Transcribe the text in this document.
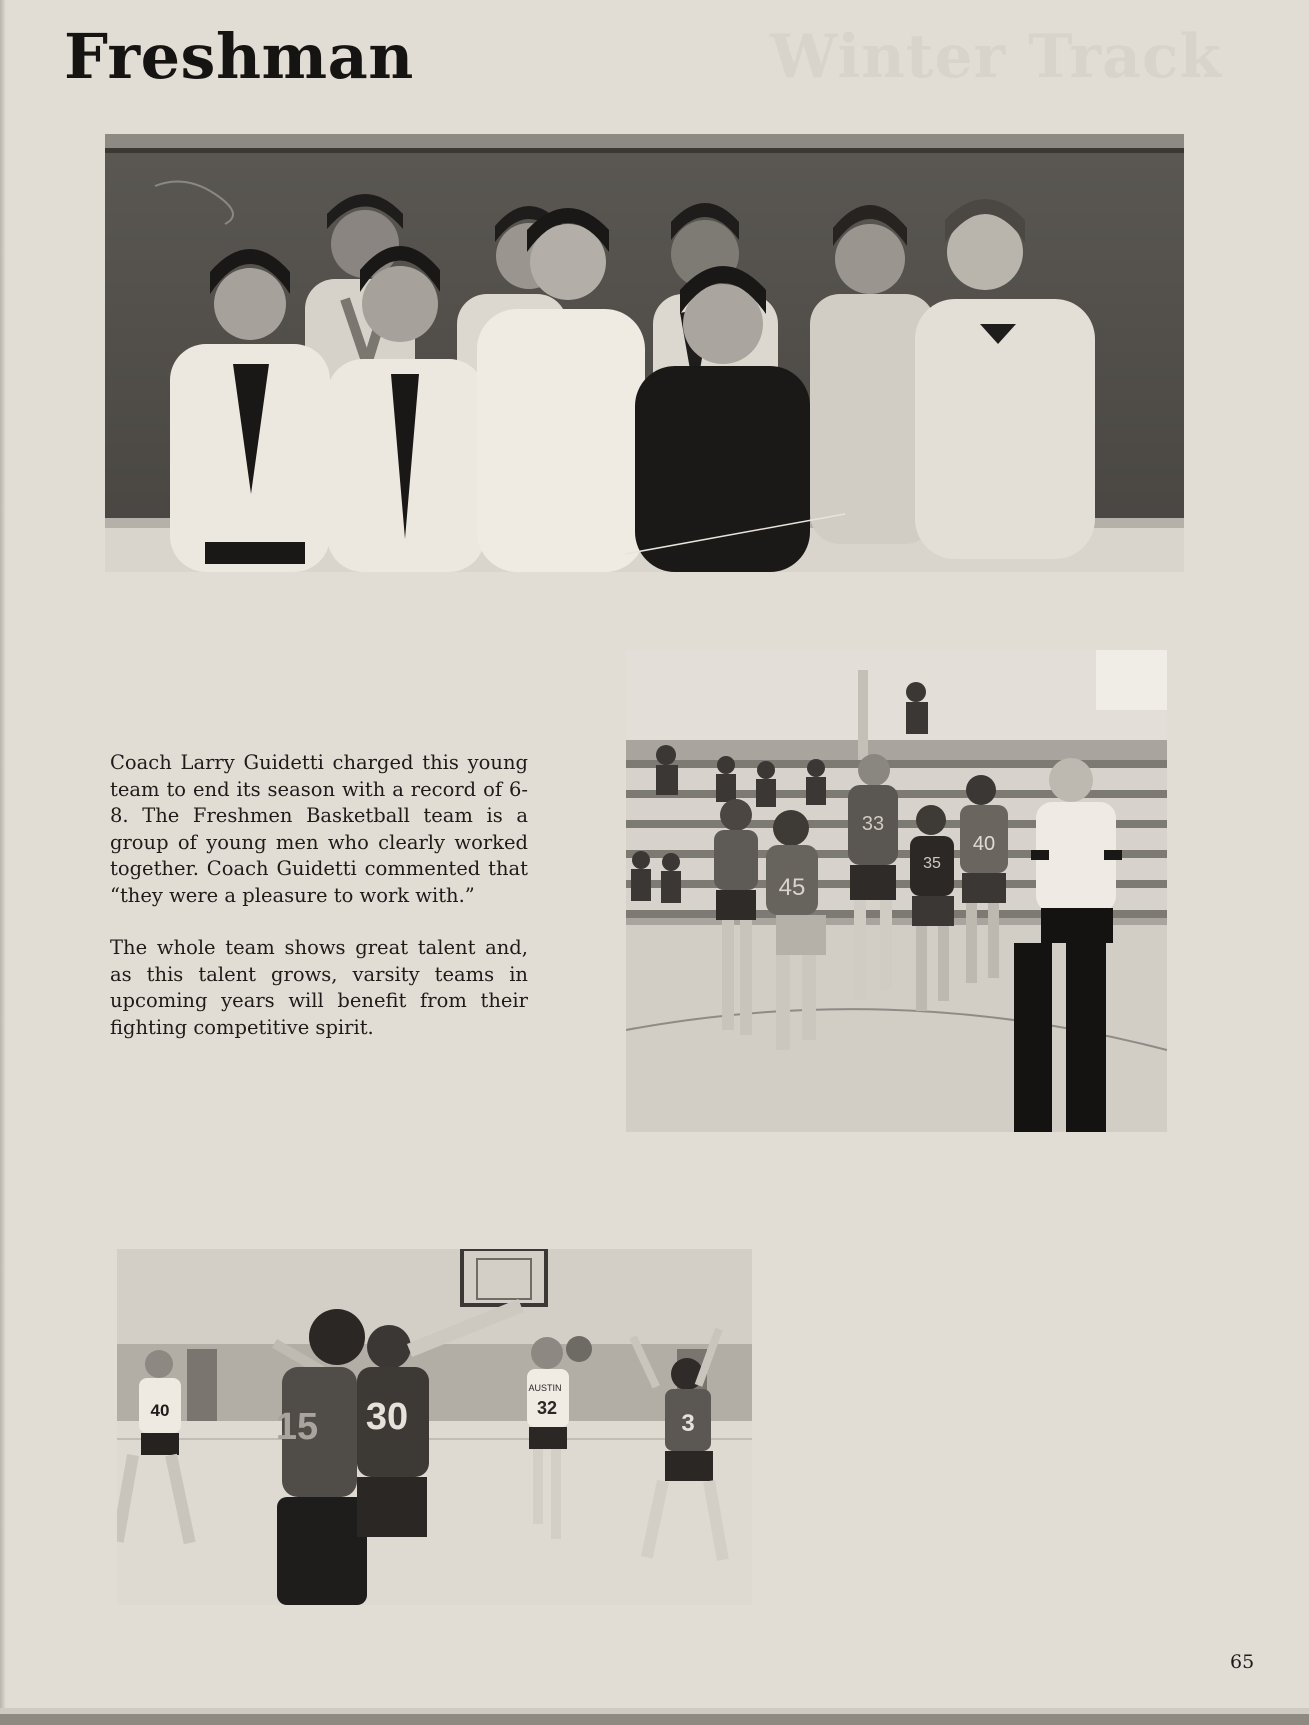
Winter Track
Freshman

Coach Larry Guidetti charged this young team to end its season with a record of 6-8. The Freshmen Basketball team is a group of young men who clearly worked together. Coach Guidetti commented that “they were a pleasure to work with.”

The whole team shows great talent and, as this talent grows, varsity teams in upcoming years will benefit from their fighting competitive spirit.

45
33
35
40
40	15 30
AUSTIN
32
3
65
